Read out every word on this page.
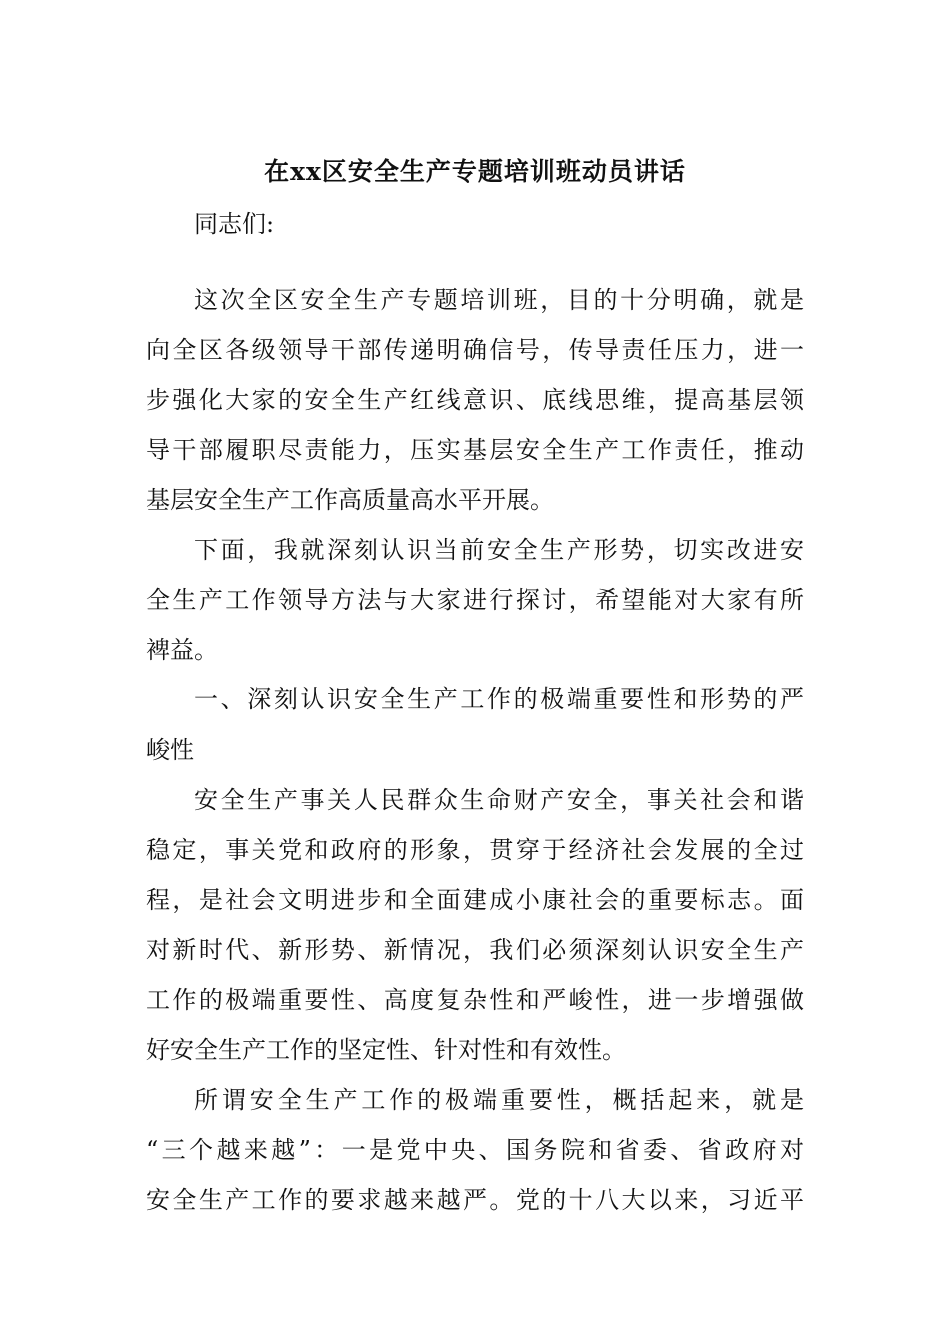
在xx区安全生产专题培训班动员讲话
同志们:
这次全区安全生产专题培训班，目的十分明确，就是
向全区各级领导干部传递明确信号，传导责任压力，进一
步强化大家的安全生产红线意识、底线思维，提高基层领
导干部履职尽责能力，压实基层安全生产工作责任，推动
基层安全生产工作高质量高水平开展。
下面，我就深刻认识当前安全生产形势，切实改进安
全生产工作领导方法与大家进行探讨，希望能对大家有所
裨益。
一、深刻认识安全生产工作的极端重要性和形势的严
峻性
安全生产事关人民群众生命财产安全，事关社会和谐
稳定，事关党和政府的形象，贯穿于经济社会发展的全过
程，是社会文明进步和全面建成小康社会的重要标志。面
对新时代、新形势、新情况，我们必须深刻认识安全生产
工作的极端重要性、高度复杂性和严峻性，进一步增强做
好安全生产工作的坚定性、针对性和有效性。
所谓安全生产工作的极端重要性，概括起来，就是
“三个越来越”：一是党中央、国务院和省委、省政府对
安全生产工作的要求越来越严。党的十八大以来，习近平
